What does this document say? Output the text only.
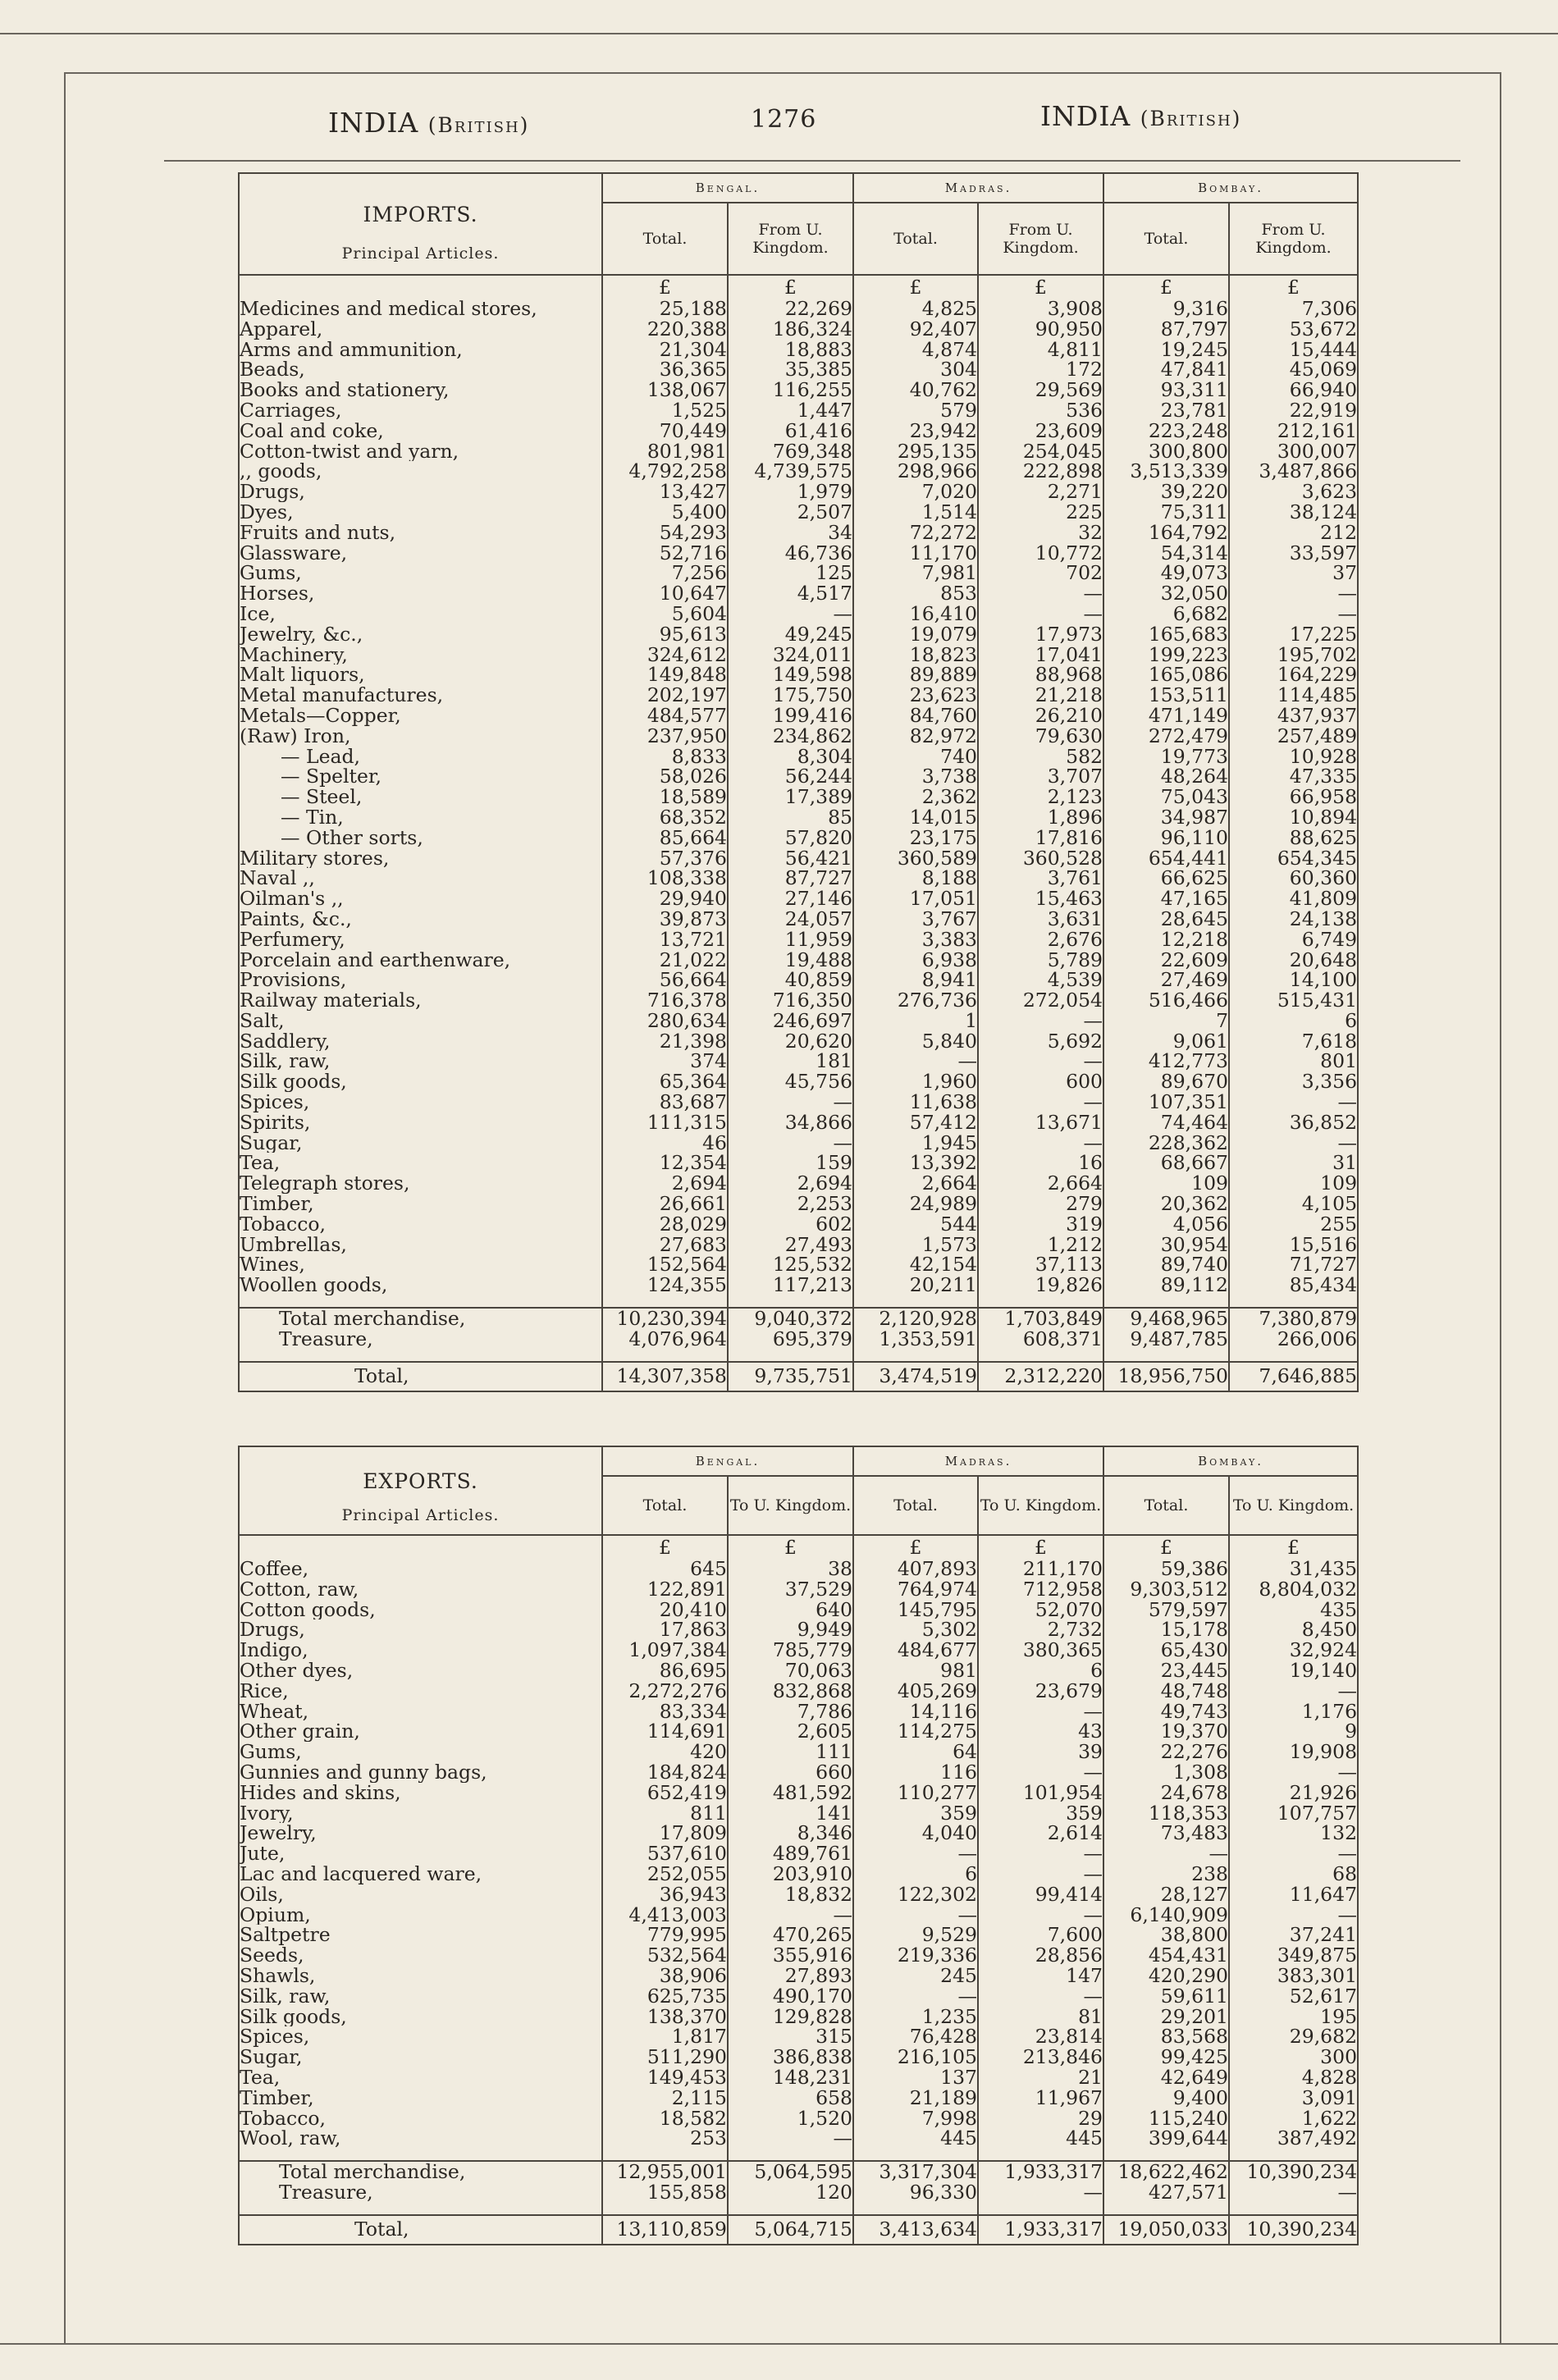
INDIA (British)	1276	INDIA (British)
IMPORTS.
Principal Articles.	Bengal.		Madras.		Bombay.	
	Total.	From U. Kingdom.	Total.	From U. Kingdom.	Total.	From U. Kingdom.
	£	£	£	£	£	£
Medicines and medical stores,	25,188	22,269	4,825	3,908	9,316	7,306
Apparel,	220,388	186,324	92,407	90,950	87,797	53,672
Arms and ammunition,	21,304	18,883	4,874	4,811	19,245	15,444
Beads,	36,365	35,385	304	172	47,841	45,069
Books and stationery,	138,067	116,255	40,762	29,569	93,311	66,940
Carriages,	1,525	1,447	579	536	23,781	22,919
Coal and coke,	70,449	61,416	23,942	23,609	223,248	212,161
Cotton-twist and yarn,	801,981	769,348	295,135	254,045	300,800	300,007
,, goods,	4,792,258	4,739,575	298,966	222,898	3,513,339	3,487,866
Drugs,	13,427	1,979	7,020	2,271	39,220	3,623
Dyes,	5,400	2,507	1,514	225	75,311	38,124
Fruits and nuts,	54,293	34	72,272	32	164,792	212
Glassware,	52,716	46,736	11,170	10,772	54,314	33,597
Gums,	7,256	125	7,981	702	49,073	37
Horses,	10,647	4,517	853	—	32,050	—
Ice,	5,604	—	16,410	—	6,682	—
Jewelry, &c.,	95,613	49,245	19,079	17,973	165,683	17,225
Machinery,	324,612	324,011	18,823	17,041	199,223	195,702
Malt liquors,	149,848	149,598	89,889	88,968	165,086	164,229
Metal manufactures,	202,197	175,750	23,623	21,218	153,511	114,485
Metals—Copper,	484,577	199,416	84,760	26,210	471,149	437,937
(Raw) Iron,	237,950	234,862	82,972	79,630	272,479	257,489
— Lead,	8,833	8,304	740	582	19,773	10,928
— Spelter,	58,026	56,244	3,738	3,707	48,264	47,335
— Steel,	18,589	17,389	2,362	2,123	75,043	66,958
— Tin,	68,352	85	14,015	1,896	34,987	10,894
— Other sorts,	85,664	57,820	23,175	17,816	96,110	88,625
Military stores,	57,376	56,421	360,589	360,528	654,441	654,345
Naval ,,	108,338	87,727	8,188	3,761	66,625	60,360
Oilman's ,,	29,940	27,146	17,051	15,463	47,165	41,809
Paints, &c.,	39,873	24,057	3,767	3,631	28,645	24,138
Perfumery,	13,721	11,959	3,383	2,676	12,218	6,749
Porcelain and earthenware,	21,022	19,488	6,938	5,789	22,609	20,648
Provisions,	56,664	40,859	8,941	4,539	27,469	14,100
Railway materials,	716,378	716,350	276,736	272,054	516,466	515,431
Salt,	280,634	246,697	1	—	7	6
Saddlery,	21,398	20,620	5,840	5,692	9,061	7,618
Silk, raw,	374	181	—	—	412,773	801
Silk goods,	65,364	45,756	1,960	600	89,670	3,356
Spices,	83,687	—	11,638	—	107,351	—
Spirits,	111,315	34,866	57,412	13,671	74,464	36,852
Sugar,	46	—	1,945	—	228,362	—
Tea,	12,354	159	13,392	16	68,667	31
Telegraph stores,	2,694	2,694	2,664	2,664	109	109
Timber,	26,661	2,253	24,989	279	20,362	4,105
Tobacco,	28,029	602	544	319	4,056	255
Umbrellas,	27,683	27,493	1,573	1,212	30,954	15,516
Wines,	152,564	125,532	42,154	37,113	89,740	71,727
Woollen goods,	124,355	117,213	20,211	19,826	89,112	85,434

Total merchandise,	10,230,394	9,040,372	2,120,928	1,703,849	9,468,965	7,380,879
Treasure,	4,076,964	695,379	1,353,591	608,371	9,487,785	266,006

Total,	14,307,358	9,735,751	3,474,519	2,312,220	18,956,750	7,646,885
EXPORTS.
Principal Articles.	Bengal.		Madras.		Bombay.	
	Total.	To U. Kingdom.	Total.	To U. Kingdom.	Total.	To U. Kingdom.
	£	£	£	£	£	£
Coffee,	645	38	407,893	211,170	59,386	31,435
Cotton, raw,	122,891	37,529	764,974	712,958	9,303,512	8,804,032
Cotton goods,	20,410	640	145,795	52,070	579,597	435
Drugs,	17,863	9,949	5,302	2,732	15,178	8,450
Indigo,	1,097,384	785,779	484,677	380,365	65,430	32,924
Other dyes,	86,695	70,063	981	6	23,445	19,140
Rice,	2,272,276	832,868	405,269	23,679	48,748	—
Wheat,	83,334	7,786	14,116	—	49,743	1,176
Other grain,	114,691	2,605	114,275	43	19,370	9
Gums,	420	111	64	39	22,276	19,908
Gunnies and gunny bags,	184,824	660	116	—	1,308	—
Hides and skins,	652,419	481,592	110,277	101,954	24,678	21,926
Ivory,	811	141	359	359	118,353	107,757
Jewelry,	17,809	8,346	4,040	2,614	73,483	132
Jute,	537,610	489,761	—	—	—	—
Lac and lacquered ware,	252,055	203,910	6	—	238	68
Oils,	36,943	18,832	122,302	99,414	28,127	11,647
Opium,	4,413,003	—	—	—	6,140,909	—
Saltpetre	779,995	470,265	9,529	7,600	38,800	37,241
Seeds,	532,564	355,916	219,336	28,856	454,431	349,875
Shawls,	38,906	27,893	245	147	420,290	383,301
Silk, raw,	625,735	490,170	—	—	59,611	52,617
Silk goods,	138,370	129,828	1,235	81	29,201	195
Spices,	1,817	315	76,428	23,814	83,568	29,682
Sugar,	511,290	386,838	216,105	213,846	99,425	300
Tea,	149,453	148,231	137	21	42,649	4,828
Timber,	2,115	658	21,189	11,967	9,400	3,091
Tobacco,	18,582	1,520	7,998	29	115,240	1,622
Wool, raw,	253	—	445	445	399,644	387,492

Total merchandise,	12,955,001	5,064,595	3,317,304	1,933,317	18,622,462	10,390,234
Treasure,	155,858	120	96,330	—	427,571	—

Total,	13,110,859	5,064,715	3,413,634	1,933,317	19,050,033	10,390,234
